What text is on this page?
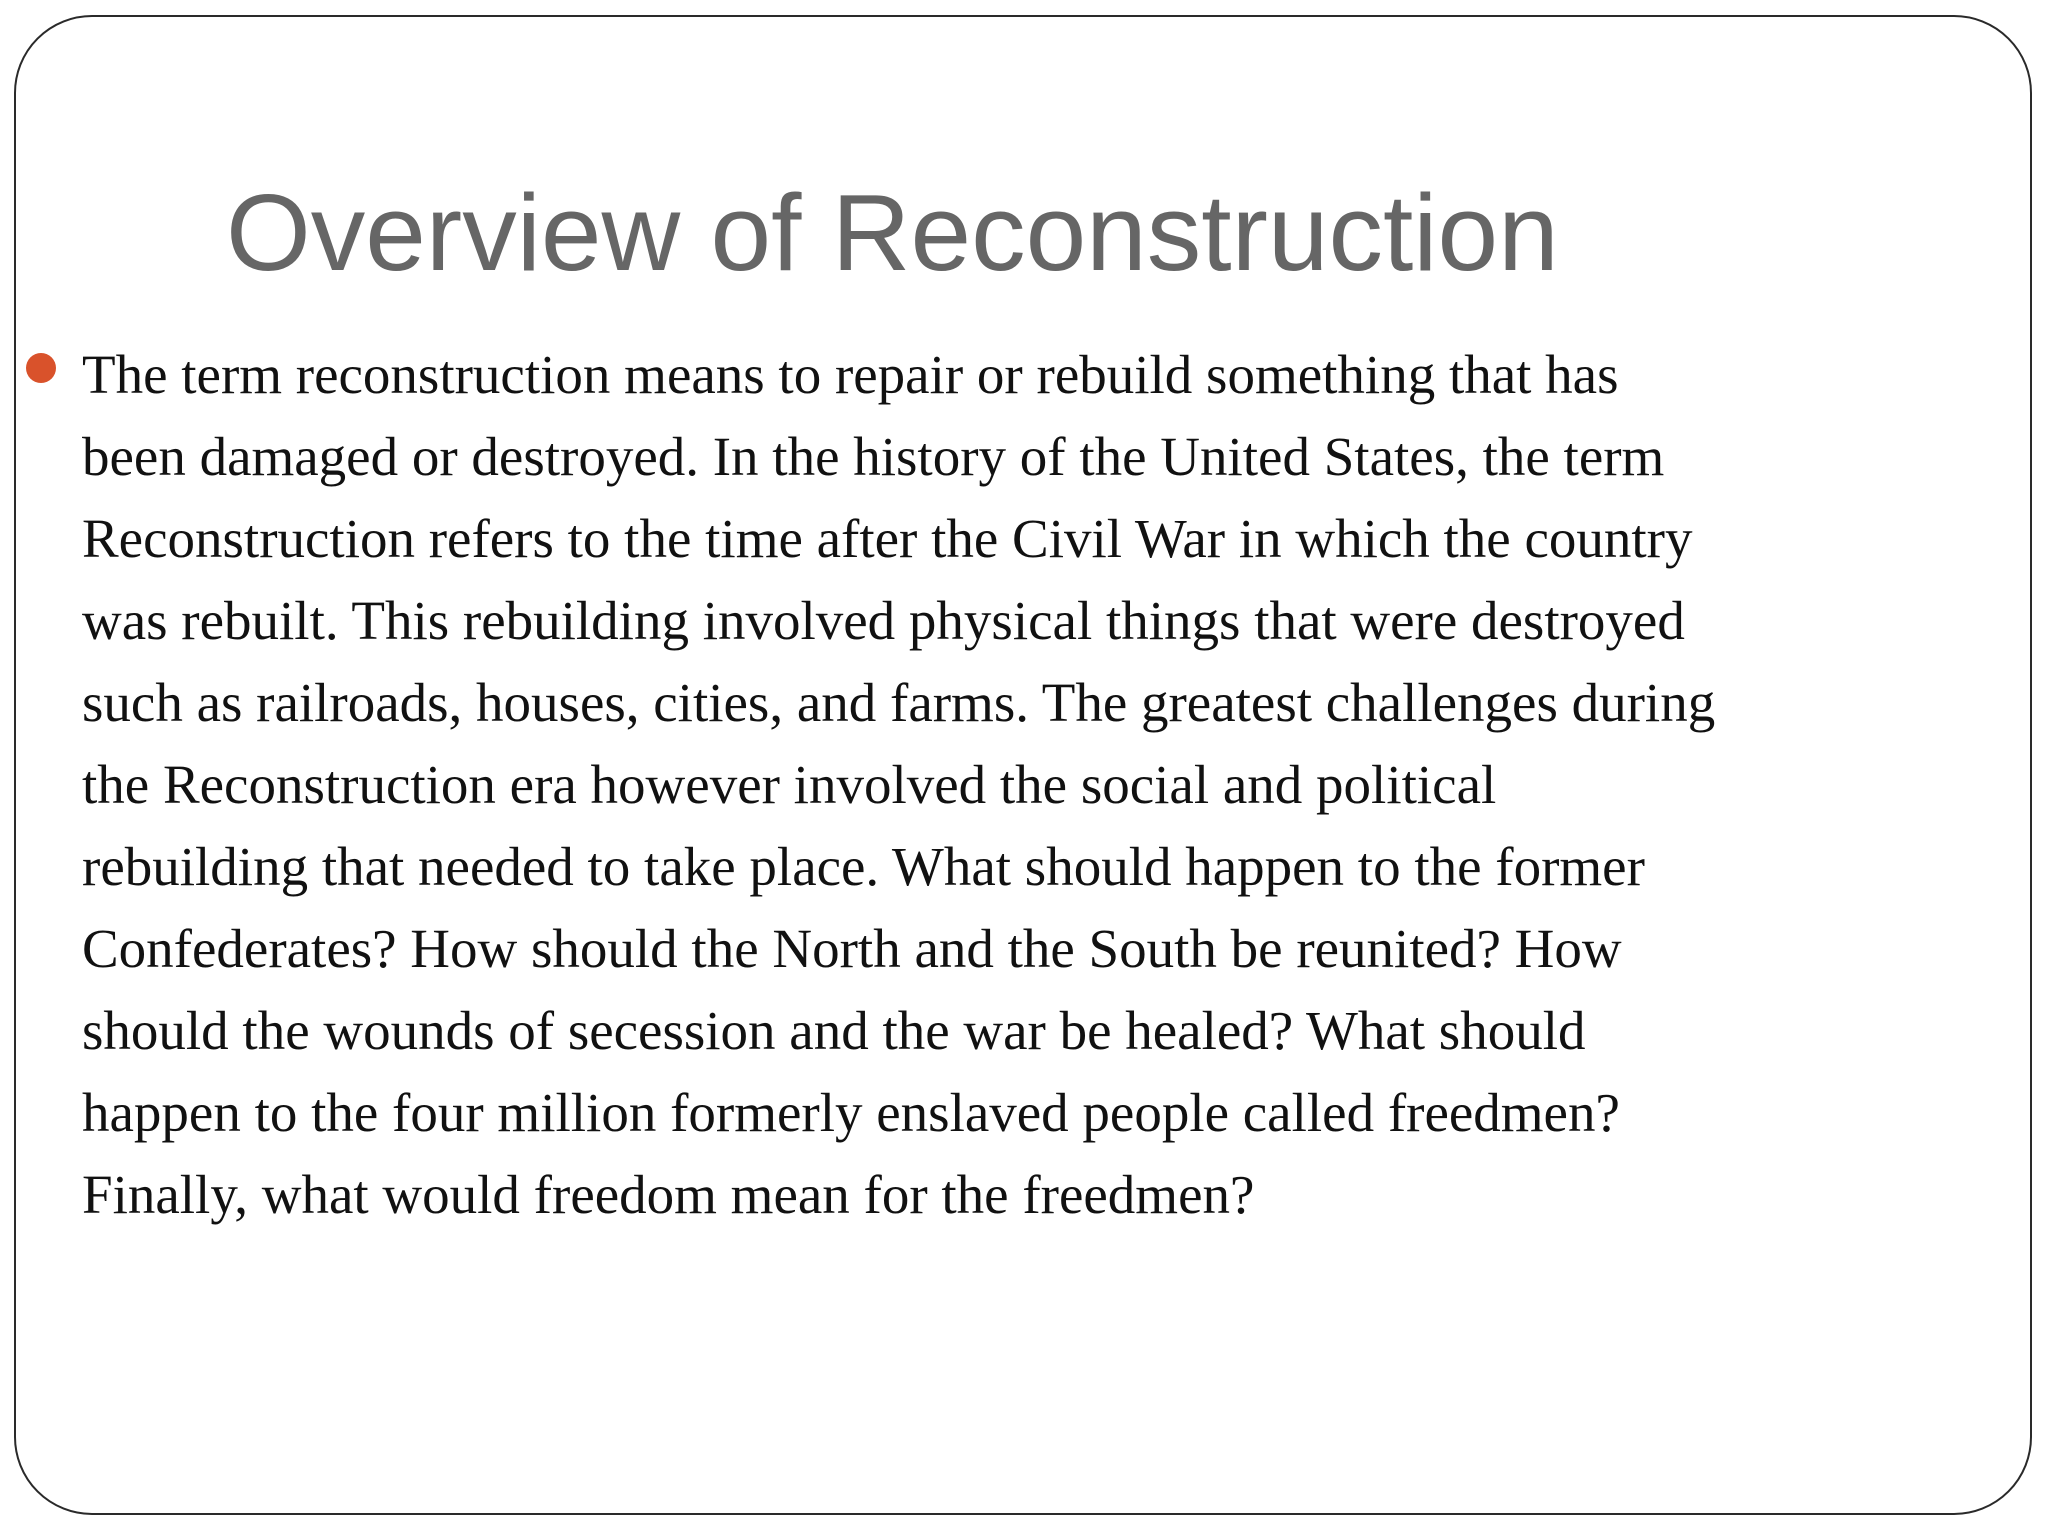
Overview of Reconstruction

The term reconstruction means to repair or rebuild something that has
been damaged or destroyed. In the history of the United States, the term
Reconstruction refers to the time after the Civil War in which the country
was rebuilt. This rebuilding involved physical things that were destroyed
such as railroads, houses, cities, and farms. The greatest challenges during
the Reconstruction era however involved the social and political
rebuilding that needed to take place. What should happen to the former
Confederates? How should the North and the South be reunited? How
should the wounds of secession and the war be healed? What should
happen to the four million formerly enslaved people called freedmen?
Finally, what would freedom mean for the freedmen?
